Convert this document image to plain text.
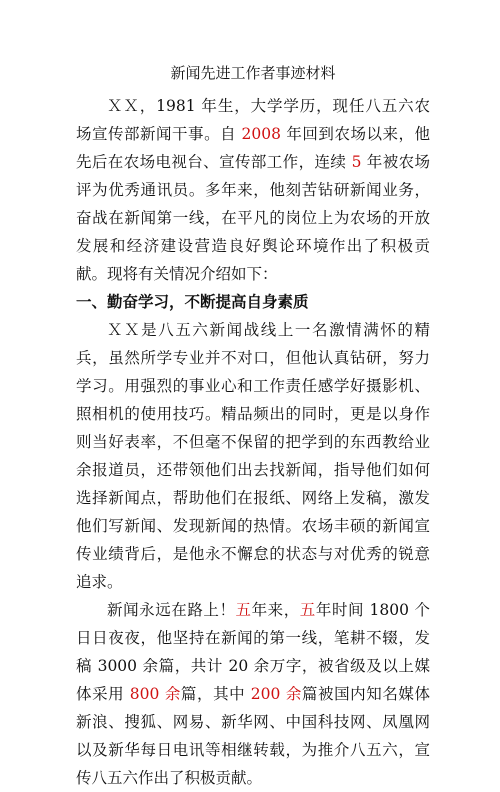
新闻先进工作者事迹材料

ＸＸ，1981 年生，大学学历，现任八五六农场宣传部新闻干事。自 2008 年回到农场以来，他先后在农场电视台、宣传部工作，连续 5 年被农场评为优秀通讯员。多年来，他刻苦钻研新闻业务，奋战在新闻第一线，在平凡的岗位上为农场的开放发展和经济建设营造良好舆论环境作出了积极贡献。现将有关情况介绍如下：

一、勤奋学习，不断提高自身素质

ＸＸ是八五六新闻战线上一名激情满怀的精兵，虽然所学专业并不对口，但他认真钻研，努力学习。用强烈的事业心和工作责任感学好摄影机、照相机的使用技巧。精品频出的同时，更是以身作则当好表率，不但毫不保留的把学到的东西教给业余报道员，还带领他们出去找新闻，指导他们如何选择新闻点，帮助他们在报纸、网络上发稿，激发他们写新闻、发现新闻的热情。农场丰硕的新闻宣传业绩背后，是他永不懈怠的状态与对优秀的锐意追求。

新闻永远在路上！五年来，五年时间 1800 个日日夜夜，他坚持在新闻的第一线，笔耕不辍，发稿 3000 余篇，共计 20 余万字，被省级及以上媒体采用 800 余篇，其中 200 余篇被国内知名媒体新浪、搜狐、网易、新华网、中国科技网、凤凰网以及新华每日电讯等相继转载，为推介八五六，宣传八五六作出了积极贡献。
